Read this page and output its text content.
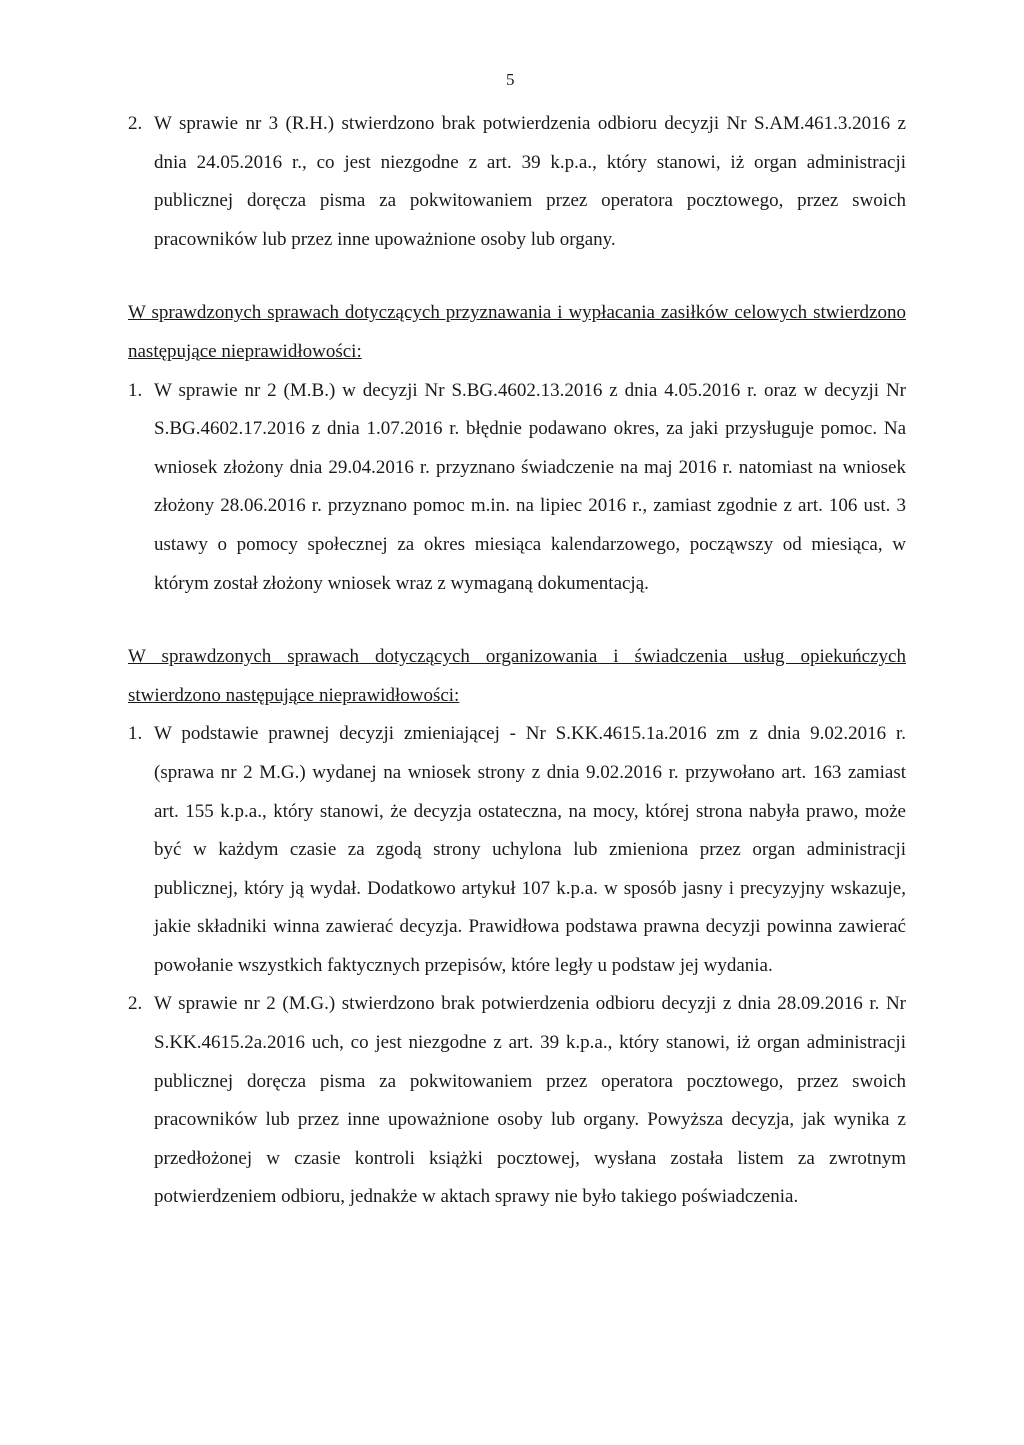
5
2. W sprawie nr 3 (R.H.) stwierdzono brak potwierdzenia odbioru decyzji Nr S.AM.461.3.2016 z dnia 24.05.2016 r., co jest niezgodne z art. 39 k.p.a., który stanowi, iż organ administracji publicznej doręcza pisma za pokwitowaniem przez operatora pocztowego, przez swoich pracowników lub przez inne upoważnione osoby lub organy.
W sprawdzonych sprawach dotyczących przyznawania i wypłacania zasiłków celowych stwierdzono następujące nieprawidłowości:
1. W sprawie nr 2 (M.B.) w decyzji Nr S.BG.4602.13.2016 z dnia 4.05.2016 r. oraz w decyzji Nr S.BG.4602.17.2016 z dnia 1.07.2016 r. błędnie podawano okres, za jaki przysługuje pomoc. Na wniosek złożony dnia 29.04.2016 r. przyznano świadczenie na maj 2016 r. natomiast na wniosek złożony 28.06.2016 r. przyznano pomoc m.in. na lipiec 2016 r., zamiast zgodnie z art. 106 ust. 3 ustawy o pomocy społecznej za okres miesiąca kalendarzowego, począwszy od miesiąca, w którym został złożony wniosek wraz z wymaganą dokumentacją.
W sprawdzonych sprawach dotyczących organizowania i świadczenia usług opiekuńczych stwierdzono następujące nieprawidłowości:
1. W podstawie prawnej decyzji zmieniającej - Nr S.KK.4615.1a.2016 zm z dnia 9.02.2016 r. (sprawa nr 2 M.G.) wydanej na wniosek strony z dnia 9.02.2016 r. przywołano art. 163 zamiast art. 155 k.p.a., który stanowi, że decyzja ostateczna, na mocy, której strona nabyła prawo, może być w każdym czasie za zgodą strony uchylona lub zmieniona przez organ administracji publicznej, który ją wydał. Dodatkowo artykuł 107 k.p.a. w sposób jasny i precyzyjny wskazuje, jakie składniki winna zawierać decyzja. Prawidłowa podstawa prawna decyzji powinna zawierać powołanie wszystkich faktycznych przepisów, które legły u podstaw jej wydania.
2. W sprawie nr 2 (M.G.) stwierdzono brak potwierdzenia odbioru decyzji z dnia 28.09.2016 r. Nr S.KK.4615.2a.2016 uch, co jest niezgodne z art. 39 k.p.a., który stanowi, iż organ administracji publicznej doręcza pisma za pokwitowaniem przez operatora pocztowego, przez swoich pracowników lub przez inne upoważnione osoby lub organy. Powyższa decyzja, jak wynika z przedłożonej w czasie kontroli książki pocztowej, wysłana została listem za zwrotnym potwierdzeniem odbioru, jednakże w aktach sprawy nie było takiego poświadczenia.
